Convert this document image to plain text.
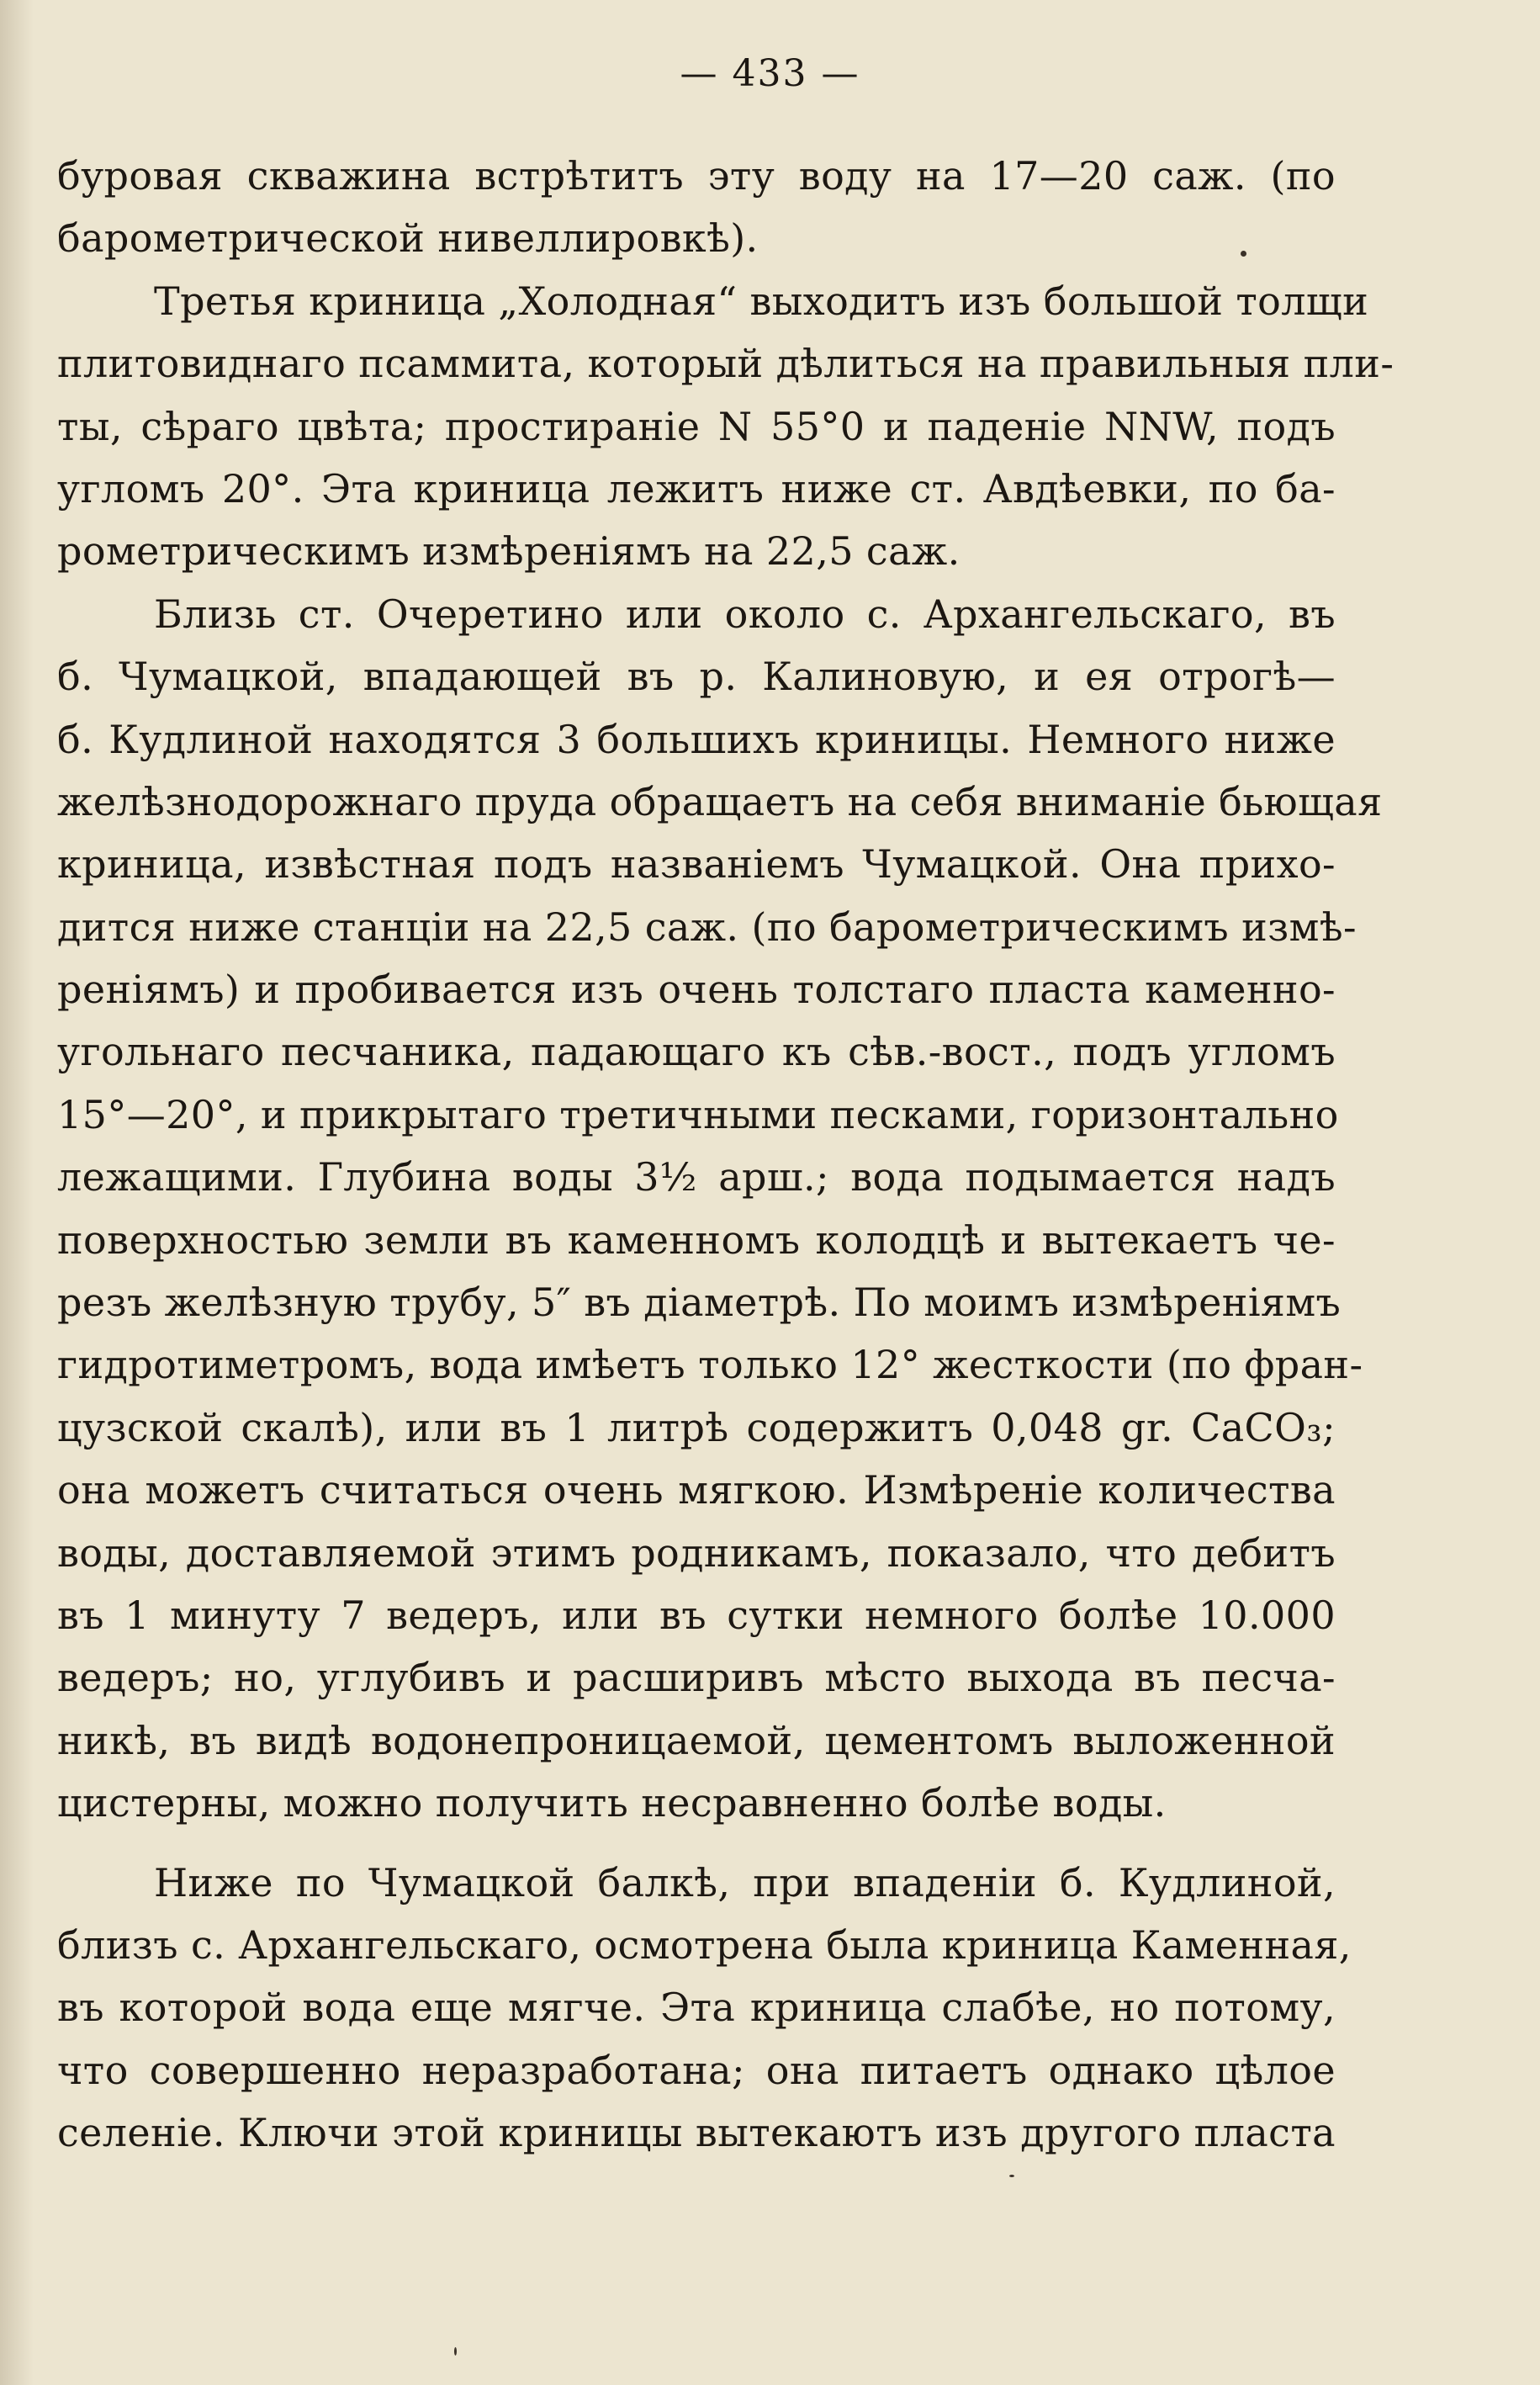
— 433 —
буровая скважина встрѣтитъ эту воду на 17—20 саж. (по
барометрической нивеллировкѣ).
Третья криница „Холодная“ выходитъ изъ большой толщи
плитовиднаго псаммита, который дѣлиться на правильныя пли-
ты, сѣраго цвѣта; простираніе N 55°0 и паденіе NNW, подъ
угломъ 20°. Эта криница лежитъ ниже ст. Авдѣевки, по ба-
рометрическимъ измѣреніямъ на 22,5 саж.
Близь ст. Очеретино или около с. Архангельскаго, въ
б. Чумацкой, впадающей въ р. Калиновую, и ея отрогѣ—
б. Кудлиной находятся 3 большихъ криницы. Немного ниже
желѣзнодорожнаго пруда обращаетъ на себя вниманіе бьющая
криница, извѣстная подъ названіемъ Чумацкой. Она прихо-
дится ниже станціи на 22,5 саж. (по барометрическимъ измѣ-
реніямъ) и пробивается изъ очень толстаго пласта каменно-
угольнаго песчаника, падающаго къ сѣв.-вост., подъ угломъ
15°—20°, и прикрытаго третичными песками, горизонтально
лежащими. Глубина воды 3½ арш.; вода подымается надъ
поверхностью земли въ каменномъ колодцѣ и вытекаетъ че-
резъ желѣзную трубу, 5″ въ діаметрѣ. По моимъ измѣреніямъ
гидротиметромъ, вода имѣетъ только 12° жесткости (по фран-
цузской скалѣ), или въ 1 литрѣ содержитъ 0,048 gr. CaCO₃;
она можетъ считаться очень мягкою. Измѣреніе количества
воды, доставляемой этимъ родникамъ, показало, что дебитъ
въ 1 минуту 7 ведеръ, или въ сутки немного болѣе 10.000
ведеръ; но, углубивъ и расширивъ мѣсто выхода въ песча-
никѣ, въ видѣ водонепроницаемой, цементомъ выложенной
цистерны, можно получить несравненно болѣе воды.
Ниже по Чумацкой балкѣ, при впаденіи б. Кудлиной,
близъ с. Архангельскаго, осмотрена была криница Каменная,
въ которой вода еще мягче. Эта криница слабѣе, но потому,
что совершенно неразработана; она питаетъ однако цѣлое
селеніе. Ключи этой криницы вытекаютъ изъ другого пласта
